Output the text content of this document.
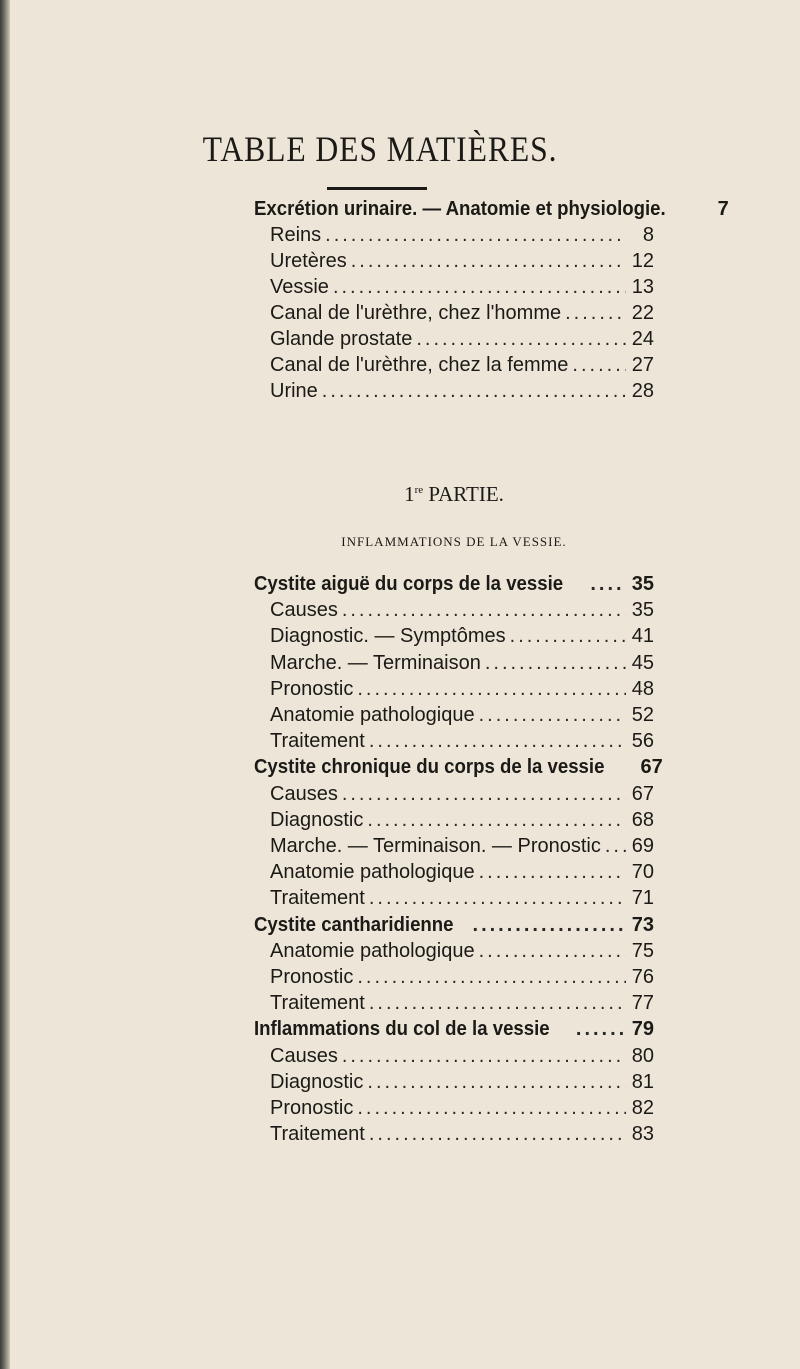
TABLE DES MATIÈRES.
Excrétion urinaire. — Anatomie et physiologie.	7
Reins .....	8
Uretères .....	12
Vessie .....	13
Canal de l'urèthre, chez l'homme .....	22
Glande prostate .....	24
Canal de l'urèthre, chez la femme .....	27
Urine .....	28
1re PARTIE.
INFLAMMATIONS DE LA VESSIE.
Cystite aiguë du corps de la vessie .....	35
Causes .....	35
Diagnostic. — Symptômes .....	41
Marche. — Terminaison .....	45
Pronostic .....	48
Anatomie pathologique .....	52
Traitement .....	56
Cystite chronique du corps de la vessie 67
Causes .....	67
Diagnostic .....	68
Marche. — Terminaison. — Pronostic ..... 69
Anatomie pathologique .....	70
Traitement .....	71
Cystite cantharidienne .....	73
Anatomie pathologique .....	75
Pronostic .....	76
Traitement .....	77
Inflammations du col de la vessie .....	79
Causes .....	80
Diagnostic .....	81
Pronostic .....	82
Traitement .....	83
